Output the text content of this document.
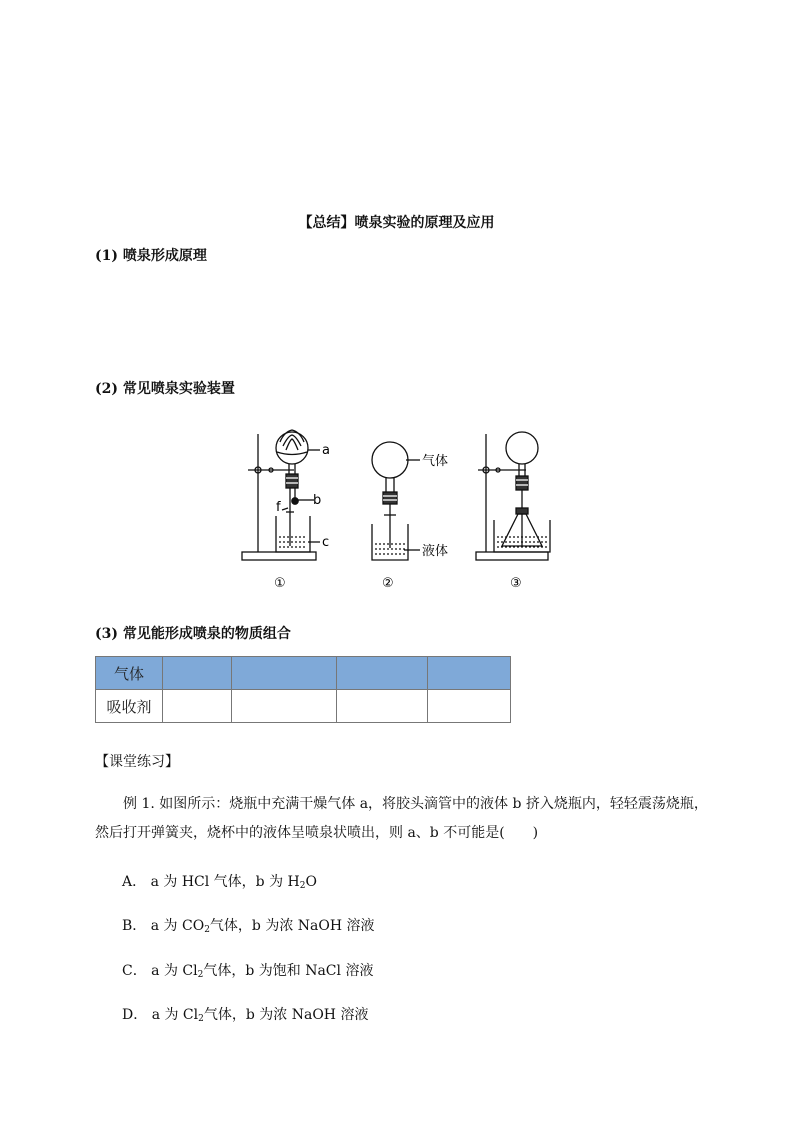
【总结】喷泉实验的原理及应用
(1) 喷泉形成原理
(2) 常见喷泉实验装置
a
b
f
c
气体
液体
①	②	③
(3) 常见能形成喷泉的物质组合
气体				
吸收剂				
【课堂练习】
例 1. 如图所示：烧瓶中充满干燥气体 a，将胶头滴管中的液体 b 挤入烧瓶内，轻轻震荡烧瓶，然后打开弹簧夹，烧杯中的液体呈喷泉状喷出，则 a、b 不可能是(　　)
A． a 为 HCl 气体，b 为 $H_2O$
B． a 为 $CO_2$气体，b 为浓 NaOH 溶液
C． a 为 $Cl_2$气体，b 为饱和 NaCl 溶液
D． a 为 $Cl_2$气体，b 为浓 NaOH 溶液
